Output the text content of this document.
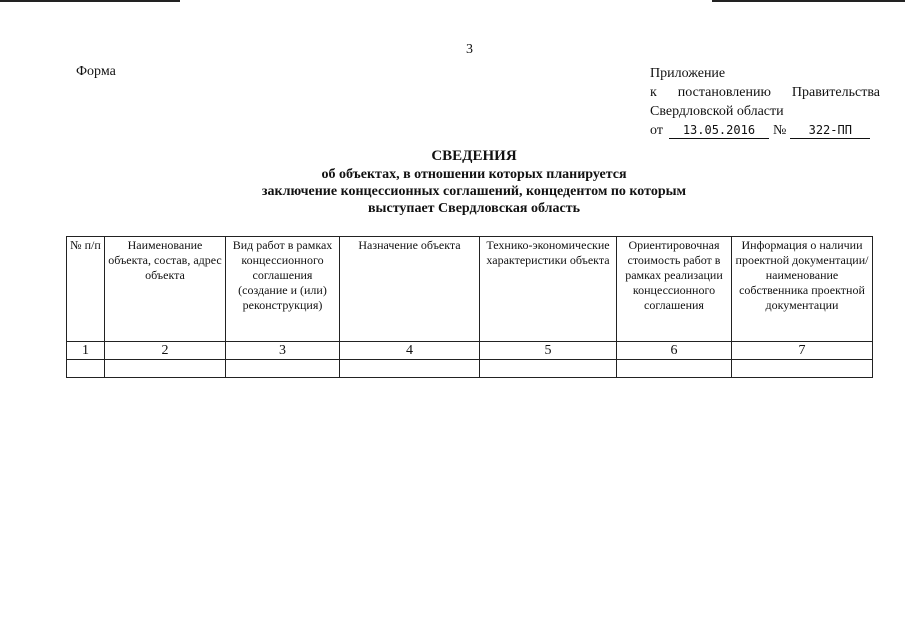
3
Форма	Приложение
к постановлению Правительства
Свердловской области
от	13.05.2016	№	322-ПП
СВЕДЕНИЯ
об объектах, в отношении которых планируется
заключение концессионных соглашений, концедентом по которым
выступает Свердловская область
№ п/п	Наименование объекта, состав, адрес объекта	Вид работ в рамках концессионного соглашения (создание и (или) реконструкция)	Назначение объекта	Технико-экономические характеристики объекта	Ориентировочная стоимость работ в рамках реализации концессионного соглашения	Информация о наличии проектной документации/ наименование собственника проектной документации
1	2	3	4	5	6	7
